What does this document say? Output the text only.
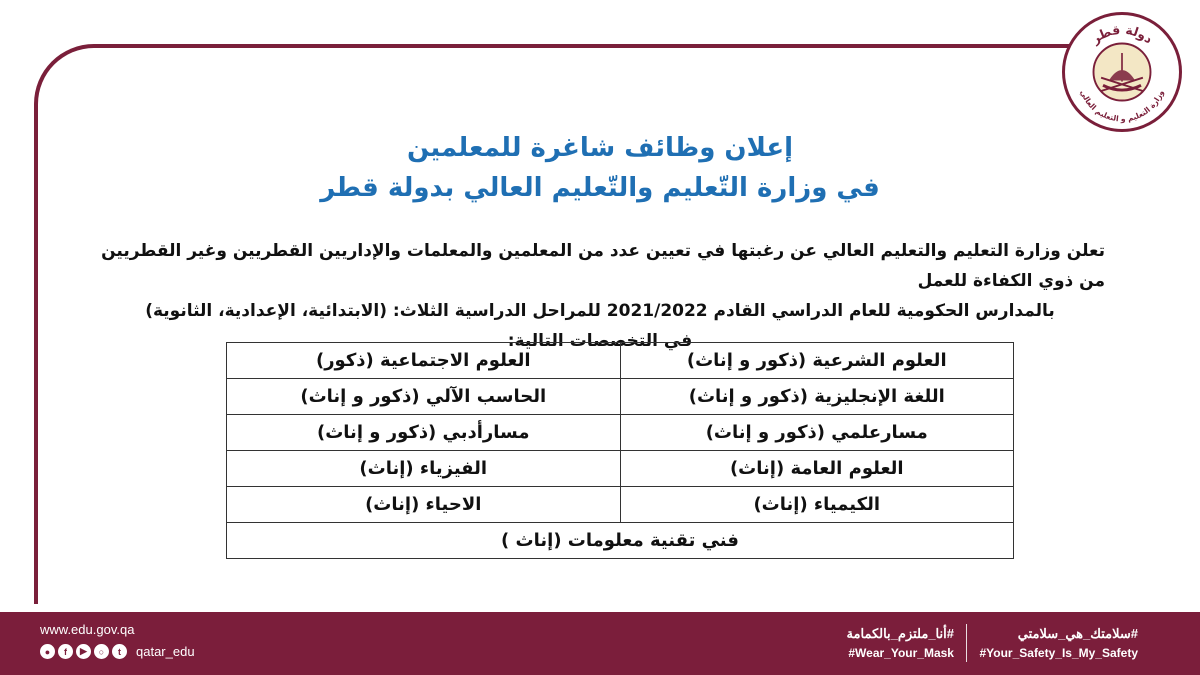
دولة قطر
وزارة التعليم و التعليم العالي
إعلان وظائف شاغرة للمعلمين
في وزارة التّعليم والتّعليم العالي بدولة قطر
تعلن وزارة التعليم والتعليم العالي عن رغبتها في تعيين عدد من المعلمين والمعلمات والإداريين القطريين وغير القطريين من ذوي الكفاءة للعمل
بالمدارس الحكومية للعام الدراسي القادم 2021/2022 للمراحل الدراسية الثلاث: (الابتدائية، الإعدادية، الثانوية)
في التخصصات التالية:
العلوم الشرعية (ذكور و إناث)	العلوم الاجتماعية (ذكور)
اللغة الإنجليزية (ذكور و إناث)	الحاسب الآلي (ذكور و إناث)
مسارعلمي (ذكور و إناث)	مسارأدبي (ذكور و إناث)
العلوم العامة (إناث)	الفيزياء (إناث)
الكيمياء (إناث)	الاحياء (إناث)
فني تقنية معلومات (إناث )	
www.edu.gov.qa
●	f	▶	○	t	qatar_edu
#أنا_ملتزم_بالكمامة
#Wear_Your_Mask
#سلامتك_هي_سلامتي
#Your_Safety_Is_My_Safety
